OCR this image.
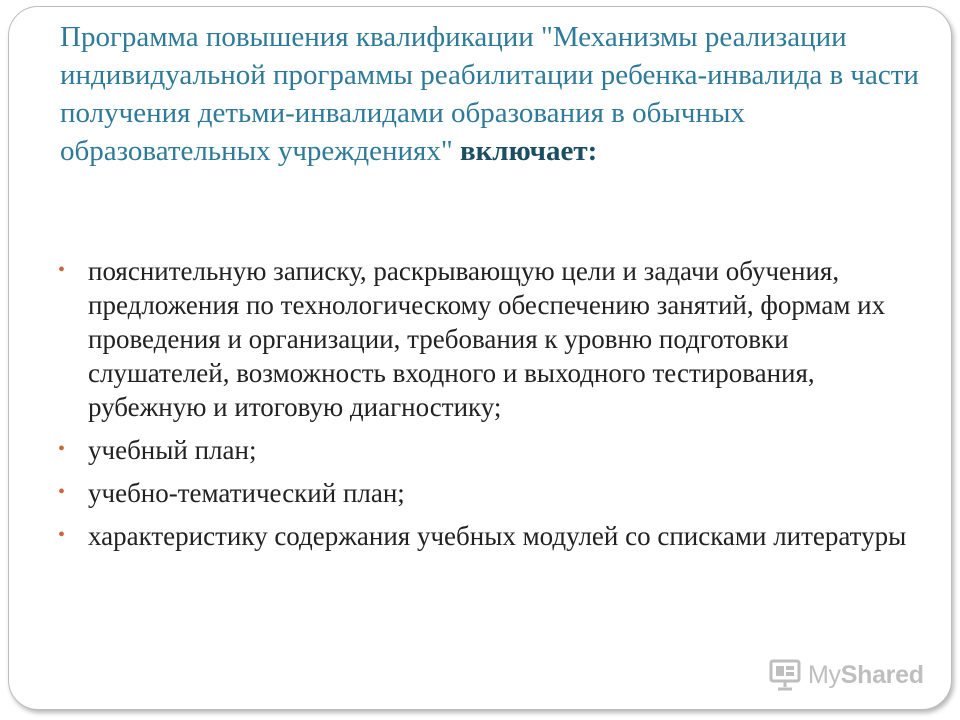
Программа повышения квалификации "Механизмы реализации индивидуальной программы реабилитации ребенка-инвалида в части получения детьми-инвалидами образования в обычных образовательных учреждениях" включает:
• пояснительную записку, раскрывающую цели и задачи обучения, предложения по технологическому обеспечению занятий, формам их проведения и организации, требования к уровню подготовки слушателей, возможность входного и выходного тестирования, рубежную и итоговую диагностику;
• учебный план;
• учебно-тематический план;
• характеристику содержания учебных модулей со списками литературы
MyShared
